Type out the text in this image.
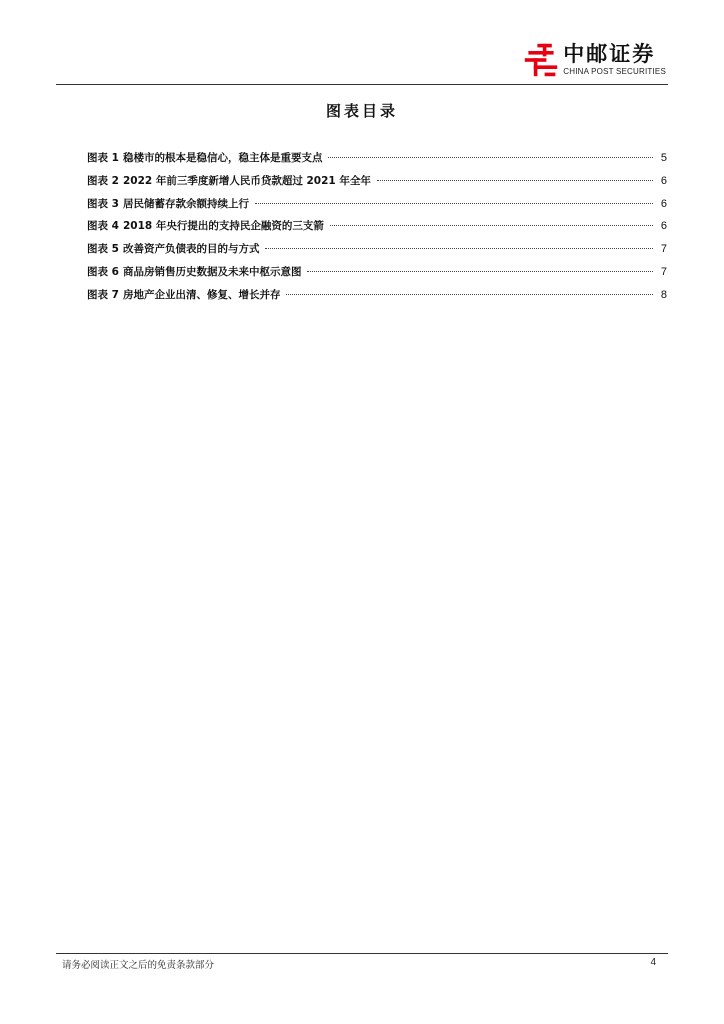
中邮证券
CHINA POST SECURITIES
图表目录
图表 1 稳楼市的根本是稳信心，稳主体是重要支点	5
图表 2 2022 年前三季度新增人民币贷款超过 2021 年全年	6
图表 3 居民储蓄存款余额持续上行	6
图表 4 2018 年央行提出的支持民企融资的三支箭	6
图表 5 改善资产负债表的目的与方式	7
图表 6 商品房销售历史数据及未来中枢示意图	7
图表 7 房地产企业出清、修复、增长并存	8
请务必阅读正文之后的免责条款部分	4
